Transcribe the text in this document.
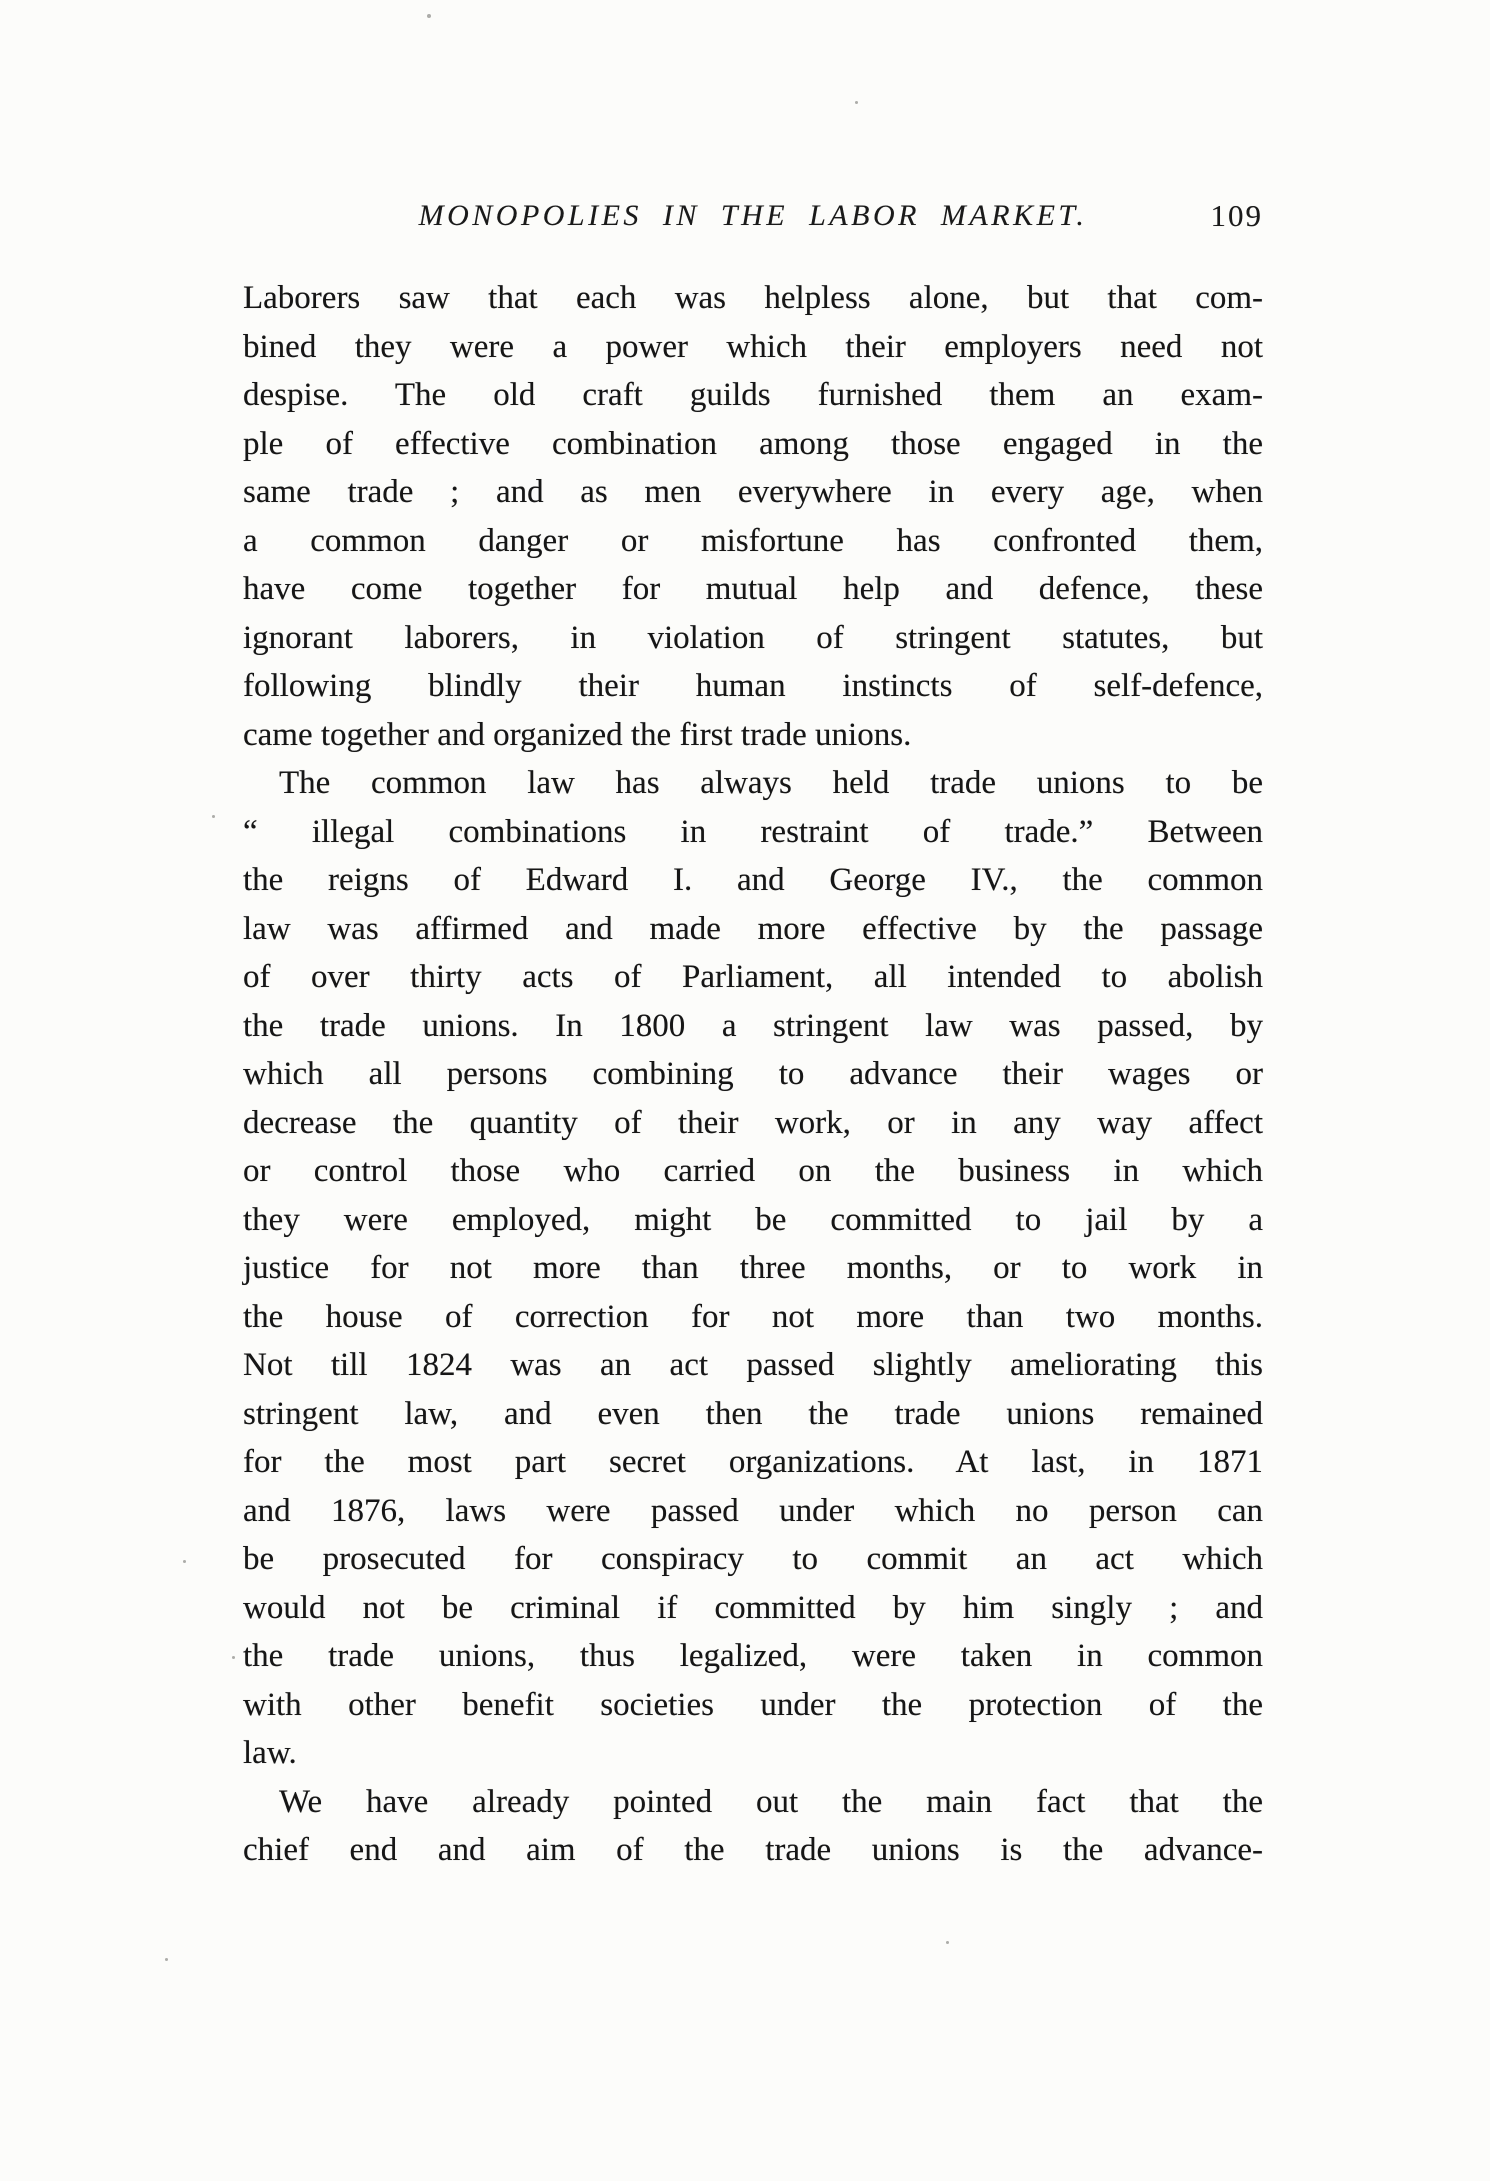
MONOPOLIES IN THE LABOR MARKET.	109
Laborers saw that each was helpless alone, but that com-
bined they were a power which their employers need not
despise. The old craft guilds furnished them an exam-
ple of effective combination among those engaged in the
same trade ; and as men everywhere in every age, when
a common danger or misfortune has confronted them,
have come together for mutual help and defence, these
ignorant laborers, in violation of stringent statutes, but
following blindly their human instincts of self-defence,
came together and organized the first trade unions.
The common law has always held trade unions to be
“ illegal combinations in restraint of trade.” Between
the reigns of Edward I. and George IV., the common
law was affirmed and made more effective by the passage
of over thirty acts of Parliament, all intended to abolish
the trade unions. In 1800 a stringent law was passed, by
which all persons combining to advance their wages or
decrease the quantity of their work, or in any way affect
or control those who carried on the business in which
they were employed, might be committed to jail by a
justice for not more than three months, or to work in
the house of correction for not more than two months.
Not till 1824 was an act passed slightly ameliorating this
stringent law, and even then the trade unions remained
for the most part secret organizations. At last, in 1871
and 1876, laws were passed under which no person can
be prosecuted for conspiracy to commit an act which
would not be criminal if committed by him singly ; and
the trade unions, thus legalized, were taken in common
with other benefit societies under the protection of the
law.
We have already pointed out the main fact that the
chief end and aim of the trade unions is the advance-
